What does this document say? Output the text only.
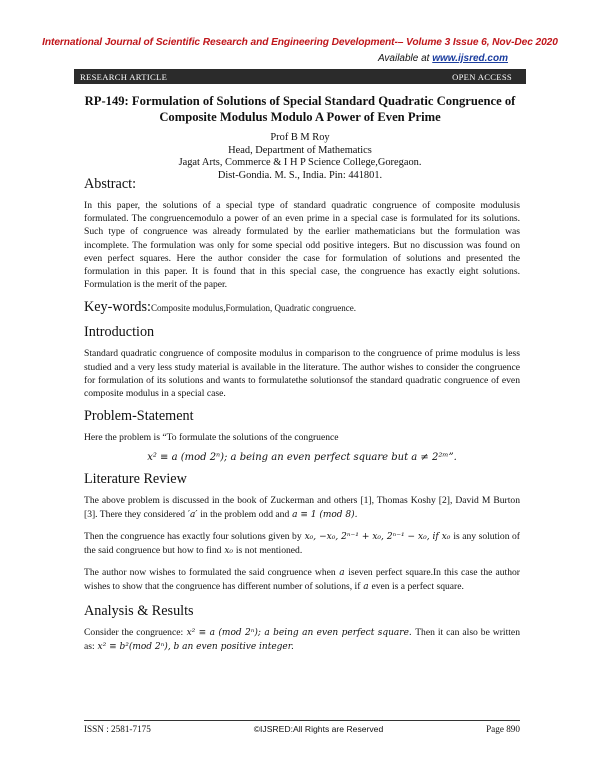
International Journal of Scientific Research and Engineering Development-– Volume 3 Issue 6, Nov-Dec 2020
Available at www.ijsred.com
RESEARCH ARTICLE	OPEN ACCESS
RP-149: Formulation of Solutions of Special Standard Quadratic Congruence of Composite Modulus Modulo A Power of Even Prime
Prof B M Roy
Head, Department of Mathematics
Jagat Arts, Commerce & I H P Science College,Goregaon.
Dist-Gondia. M. S., India. Pin: 441801.
Abstract:

In this paper, the solutions of a special type of standard quadratic congruence of composite modulusis formulated. The congruencemodulo a power of an even prime in a special case is formulated for its solutions. Such type of congruence was already formulated by the earlier mathematicians but the formulation was incomplete. The formulation was only for some special odd positive integers. But no discussion was found on even perfect squares. Here the author consider the case for formulation of solutions and presented the formulation in this paper. It is found that in this special case, the congruence has exactly eight solutions. Formulation is the merit of the paper.

Key-words: Composite modulus,Formulation, Quadratic congruence.
Introduction

Standard quadratic congruence of composite modulus in comparison to the congruence of prime modulus is less studied and a very less study material is available in the literature. The author wishes to consider the congruence for formulation of its solutions and wants to formulatethe solutionsof the standard quadratic congruence of even composite modulus in a special case.

Problem-Statement

Here the problem is “To formulate the solutions of the congruence

x² ≡ a (mod 2ⁿ); a being an even perfect square but a ≠ 2²ᵐ”.
Literature Review

The above problem is discussed in the book of Zuckerman and others [1], Thomas Koshy [2], David M Burton [3]. There they considered ′a′ in the problem odd and a ≡ 1 (mod 8).

Then the congruence has exactly four solutions given by x₀, −x₀, 2ⁿ⁻¹ + x₀, 2ⁿ⁻¹ − x₀, if x₀ is any solution of the said congruence but how to find x₀ is not mentioned.

The author now wishes to formulated the said congruence when a iseven perfect square.In this case the author wishes to show that the congruence has different number of solutions, if a even is a perfect square.

Analysis & Results

Consider the congruence: x² ≡ a (mod 2ⁿ); a being an even perfect square. Then it can also be written as: x² ≡ b²(mod 2ⁿ), b an even positive integer.

ISSN : 2581-7175	©IJSRED:All Rights are Reserved	Page 890
